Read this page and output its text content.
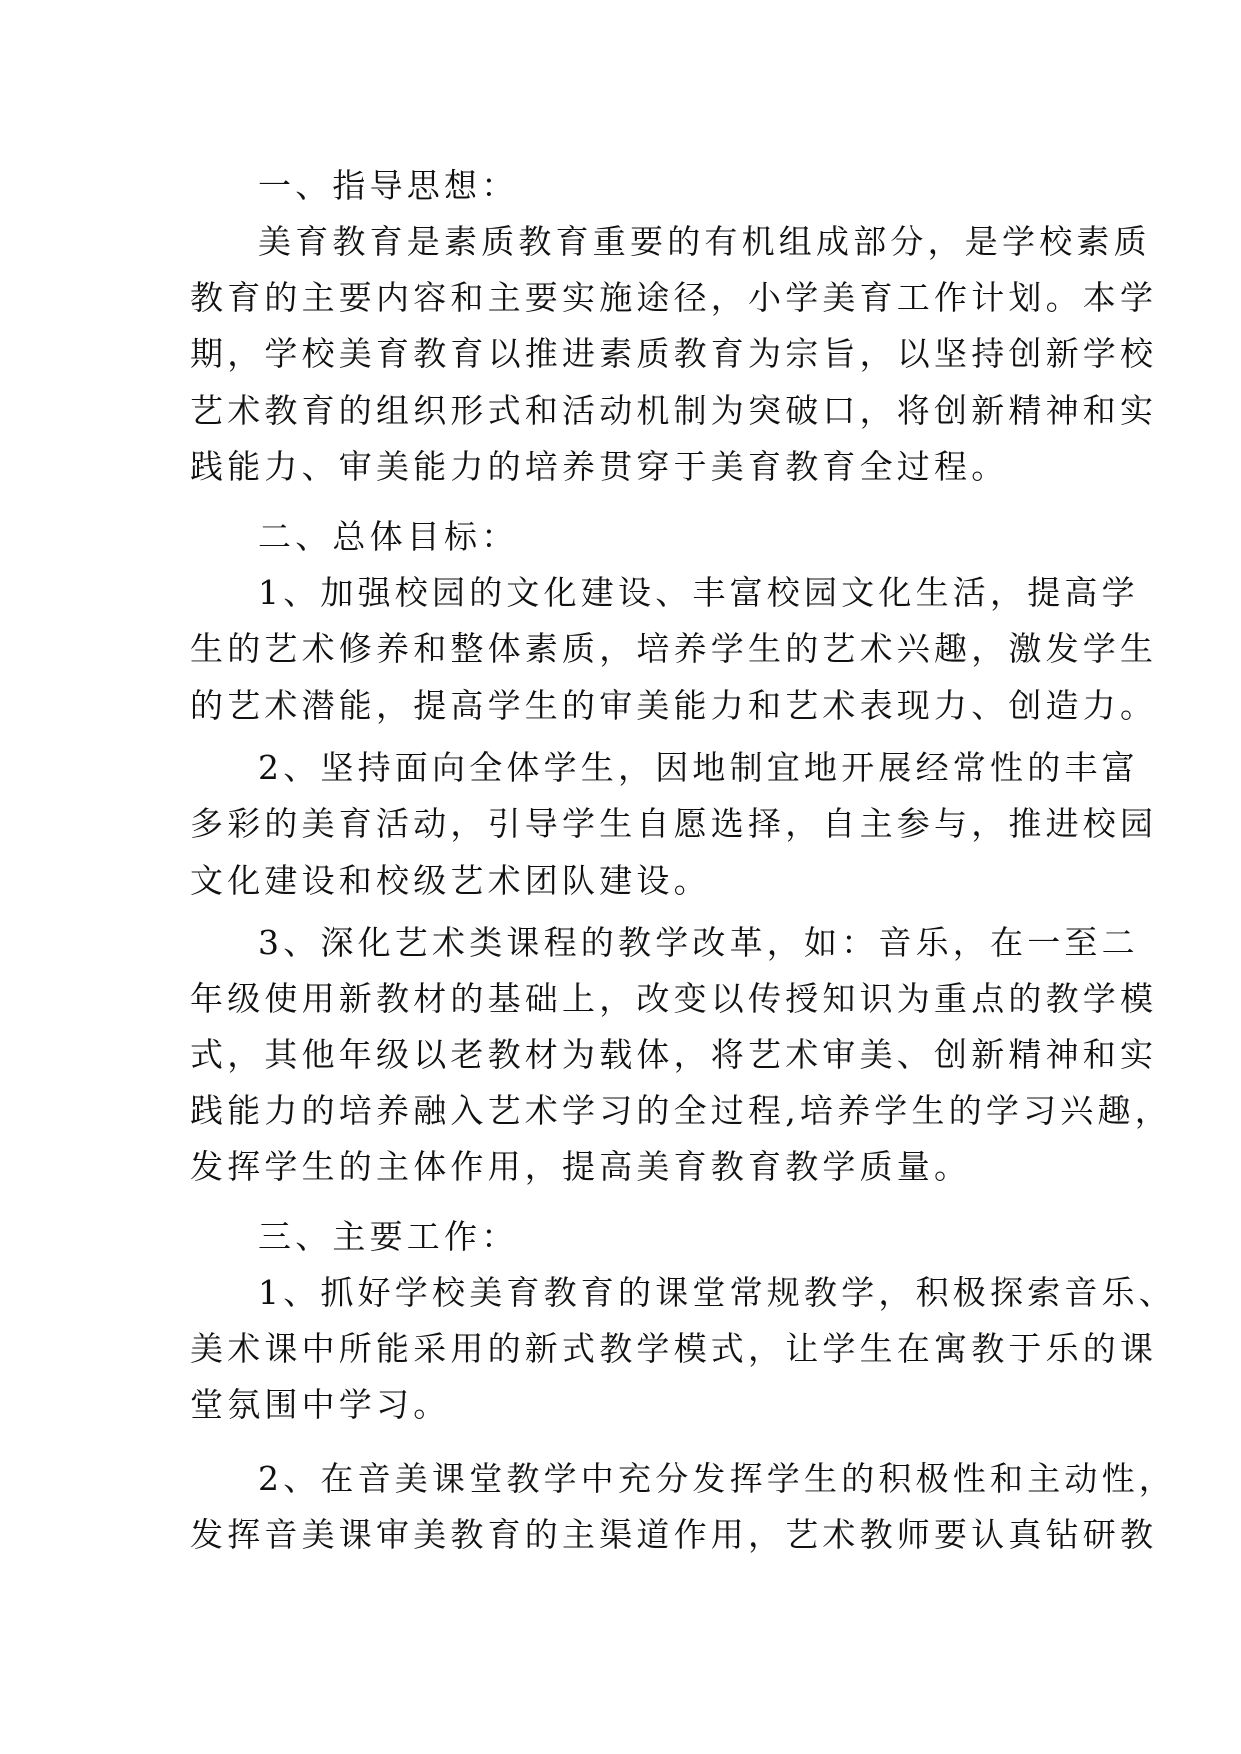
一、指导思想：
美育教育是素质教育重要的有机组成部分，是学校素质
教育的主要内容和主要实施途径，小学美育工作计划。本学
期，学校美育教育以推进素质教育为宗旨，以坚持创新学校
艺术教育的组织形式和活动机制为突破口，将创新精神和实
践能力、审美能力的培养贯穿于美育教育全过程。
二、总体目标：
1、加强校园的文化建设、丰富校园文化生活，提高学
生的艺术修养和整体素质，培养学生的艺术兴趣，激发学生
的艺术潜能，提高学生的审美能力和艺术表现力、创造力。
2、坚持面向全体学生，因地制宜地开展经常性的丰富
多彩的美育活动，引导学生自愿选择，自主参与，推进校园
文化建设和校级艺术团队建设。
3、深化艺术类课程的教学改革，如：音乐，在一至二
年级使用新教材的基础上，改变以传授知识为重点的教学模
式，其他年级以老教材为载体，将艺术审美、创新精神和实
践能力的培养融入艺术学习的全过程,培养学生的学习兴趣，
发挥学生的主体作用，提高美育教育教学质量。
三、主要工作：
1、抓好学校美育教育的课堂常规教学，积极探索音乐、
美术课中所能采用的新式教学模式，让学生在寓教于乐的课
堂氛围中学习。
2、在音美课堂教学中充分发挥学生的积极性和主动性，
发挥音美课审美教育的主渠道作用，艺术教师要认真钻研教
